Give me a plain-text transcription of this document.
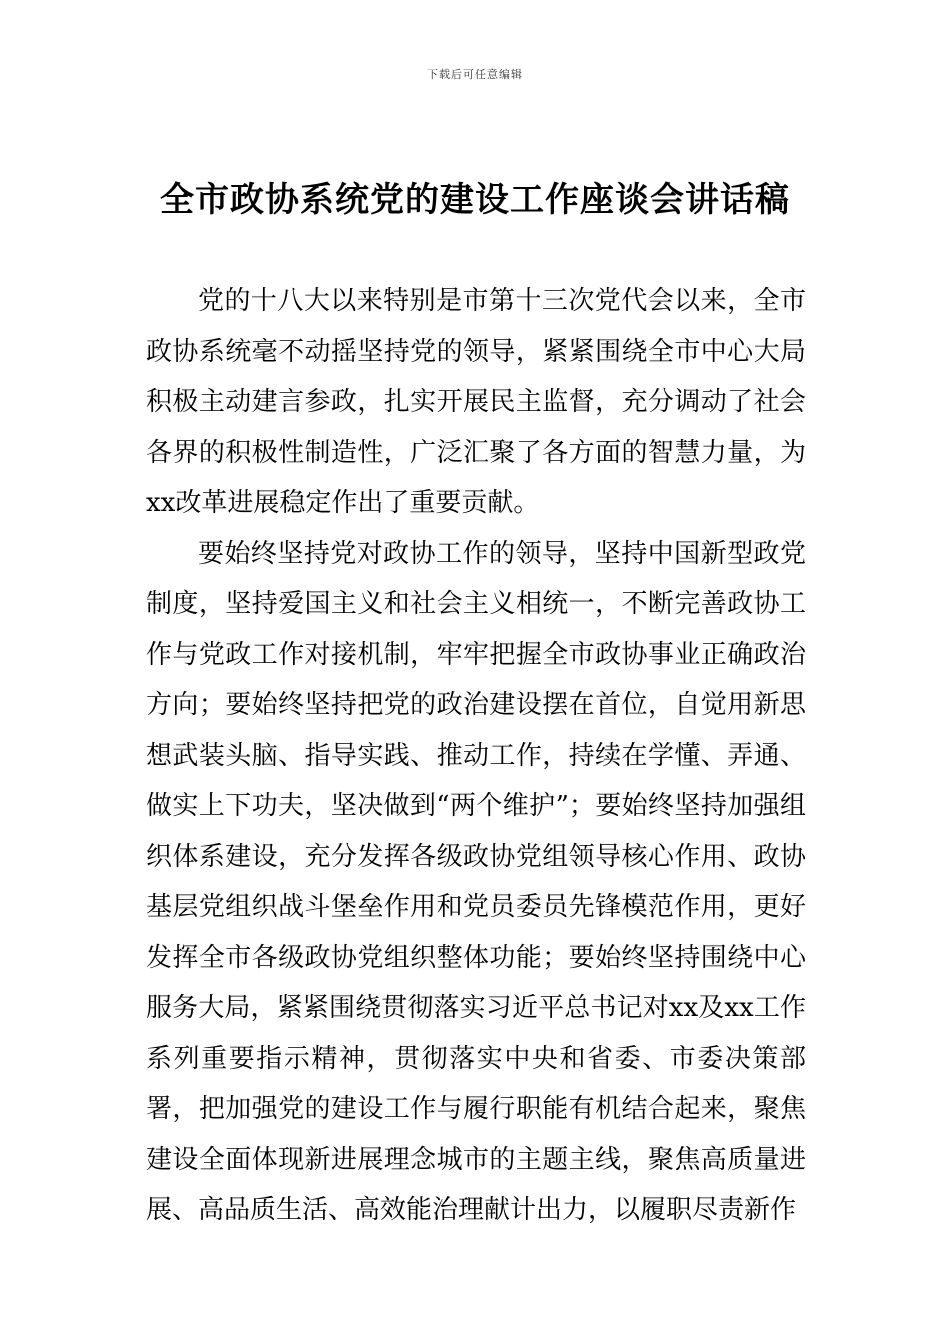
下载后可任意编辑
全市政协系统党的建设工作座谈会讲话稿

党的十八大以来特别是市第十三次党代会以来，全市政协系统毫不动摇坚持党的领导，紧紧围绕全市中心大局积极主动建言参政，扎实开展民主监督，充分调动了社会各界的积极性制造性，广泛汇聚了各方面的智慧力量，为xx改革进展稳定作出了重要贡献。

要始终坚持党对政协工作的领导，坚持中国新型政党制度，坚持爱国主义和社会主义相统一，不断完善政协工作与党政工作对接机制，牢牢把握全市政协事业正确政治方向；要始终坚持把党的政治建设摆在首位，自觉用新思想武装头脑、指导实践、推动工作，持续在学懂、弄通、做实上下功夫，坚决做到“两个维护”；要始终坚持加强组织体系建设，充分发挥各级政协党组领导核心作用、政协基层党组织战斗堡垒作用和党员委员先锋模范作用，更好发挥全市各级政协党组织整体功能；要始终坚持围绕中心服务大局，紧紧围绕贯彻落实习近平总书记对xx及xx工作系列重要指示精神，贯彻落实中央和省委、市委决策部署，把加强党的建设工作与履行职能有机结合起来，聚焦建设全面体现新进展理念城市的主题主线，聚焦高质量进展、高品质生活、高效能治理献计出力，以履职尽责新作
